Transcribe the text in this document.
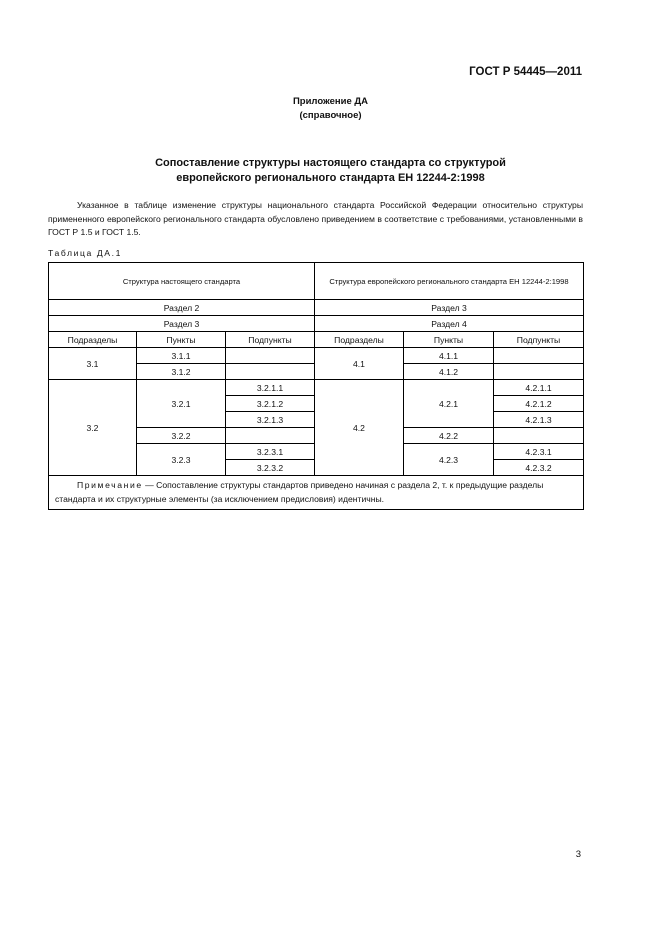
ГОСТ Р 54445—2011
Приложение ДА
(справочное)
Сопоставление структуры настоящего стандарта со структурой
европейского регионального стандарта ЕН 12244-2:1998

Указанное в таблице изменение структуры национального стандарта Российской Федерации относительно структуры примененного европейского регионального стандарта обусловлено приведением в соответствие с требованиями, установленными в ГОСТ Р 1.5 и ГОСТ 1.5.

Таблица ДА.1
Структура настоящего стандарта			Структура европейского регионального стандарта ЕН 12244-2:1998		
Раздел 2			Раздел 3		
Раздел 3			Раздел 4		
Подразделы	Пункты	Подпункты	Подразделы	Пункты	Подпункты
3.1	3.1.1		4.1	4.1.1	
	3.1.2			4.1.2	
3.2	3.2.1	3.2.1.1	4.2	4.2.1	4.2.1.1
		3.2.1.2			4.2.1.2
		3.2.1.3			4.2.1.3
	3.2.2			4.2.2	
	3.2.3	3.2.3.1		4.2.3	4.2.3.1
		3.2.3.2			4.2.3.2
Примечание — Сопоставление структуры стандартов приведено начиная с раздела 2, т. к предыдущие разделы стандарта и их структурные элементы (за исключением предисловия) идентичны.					
3
